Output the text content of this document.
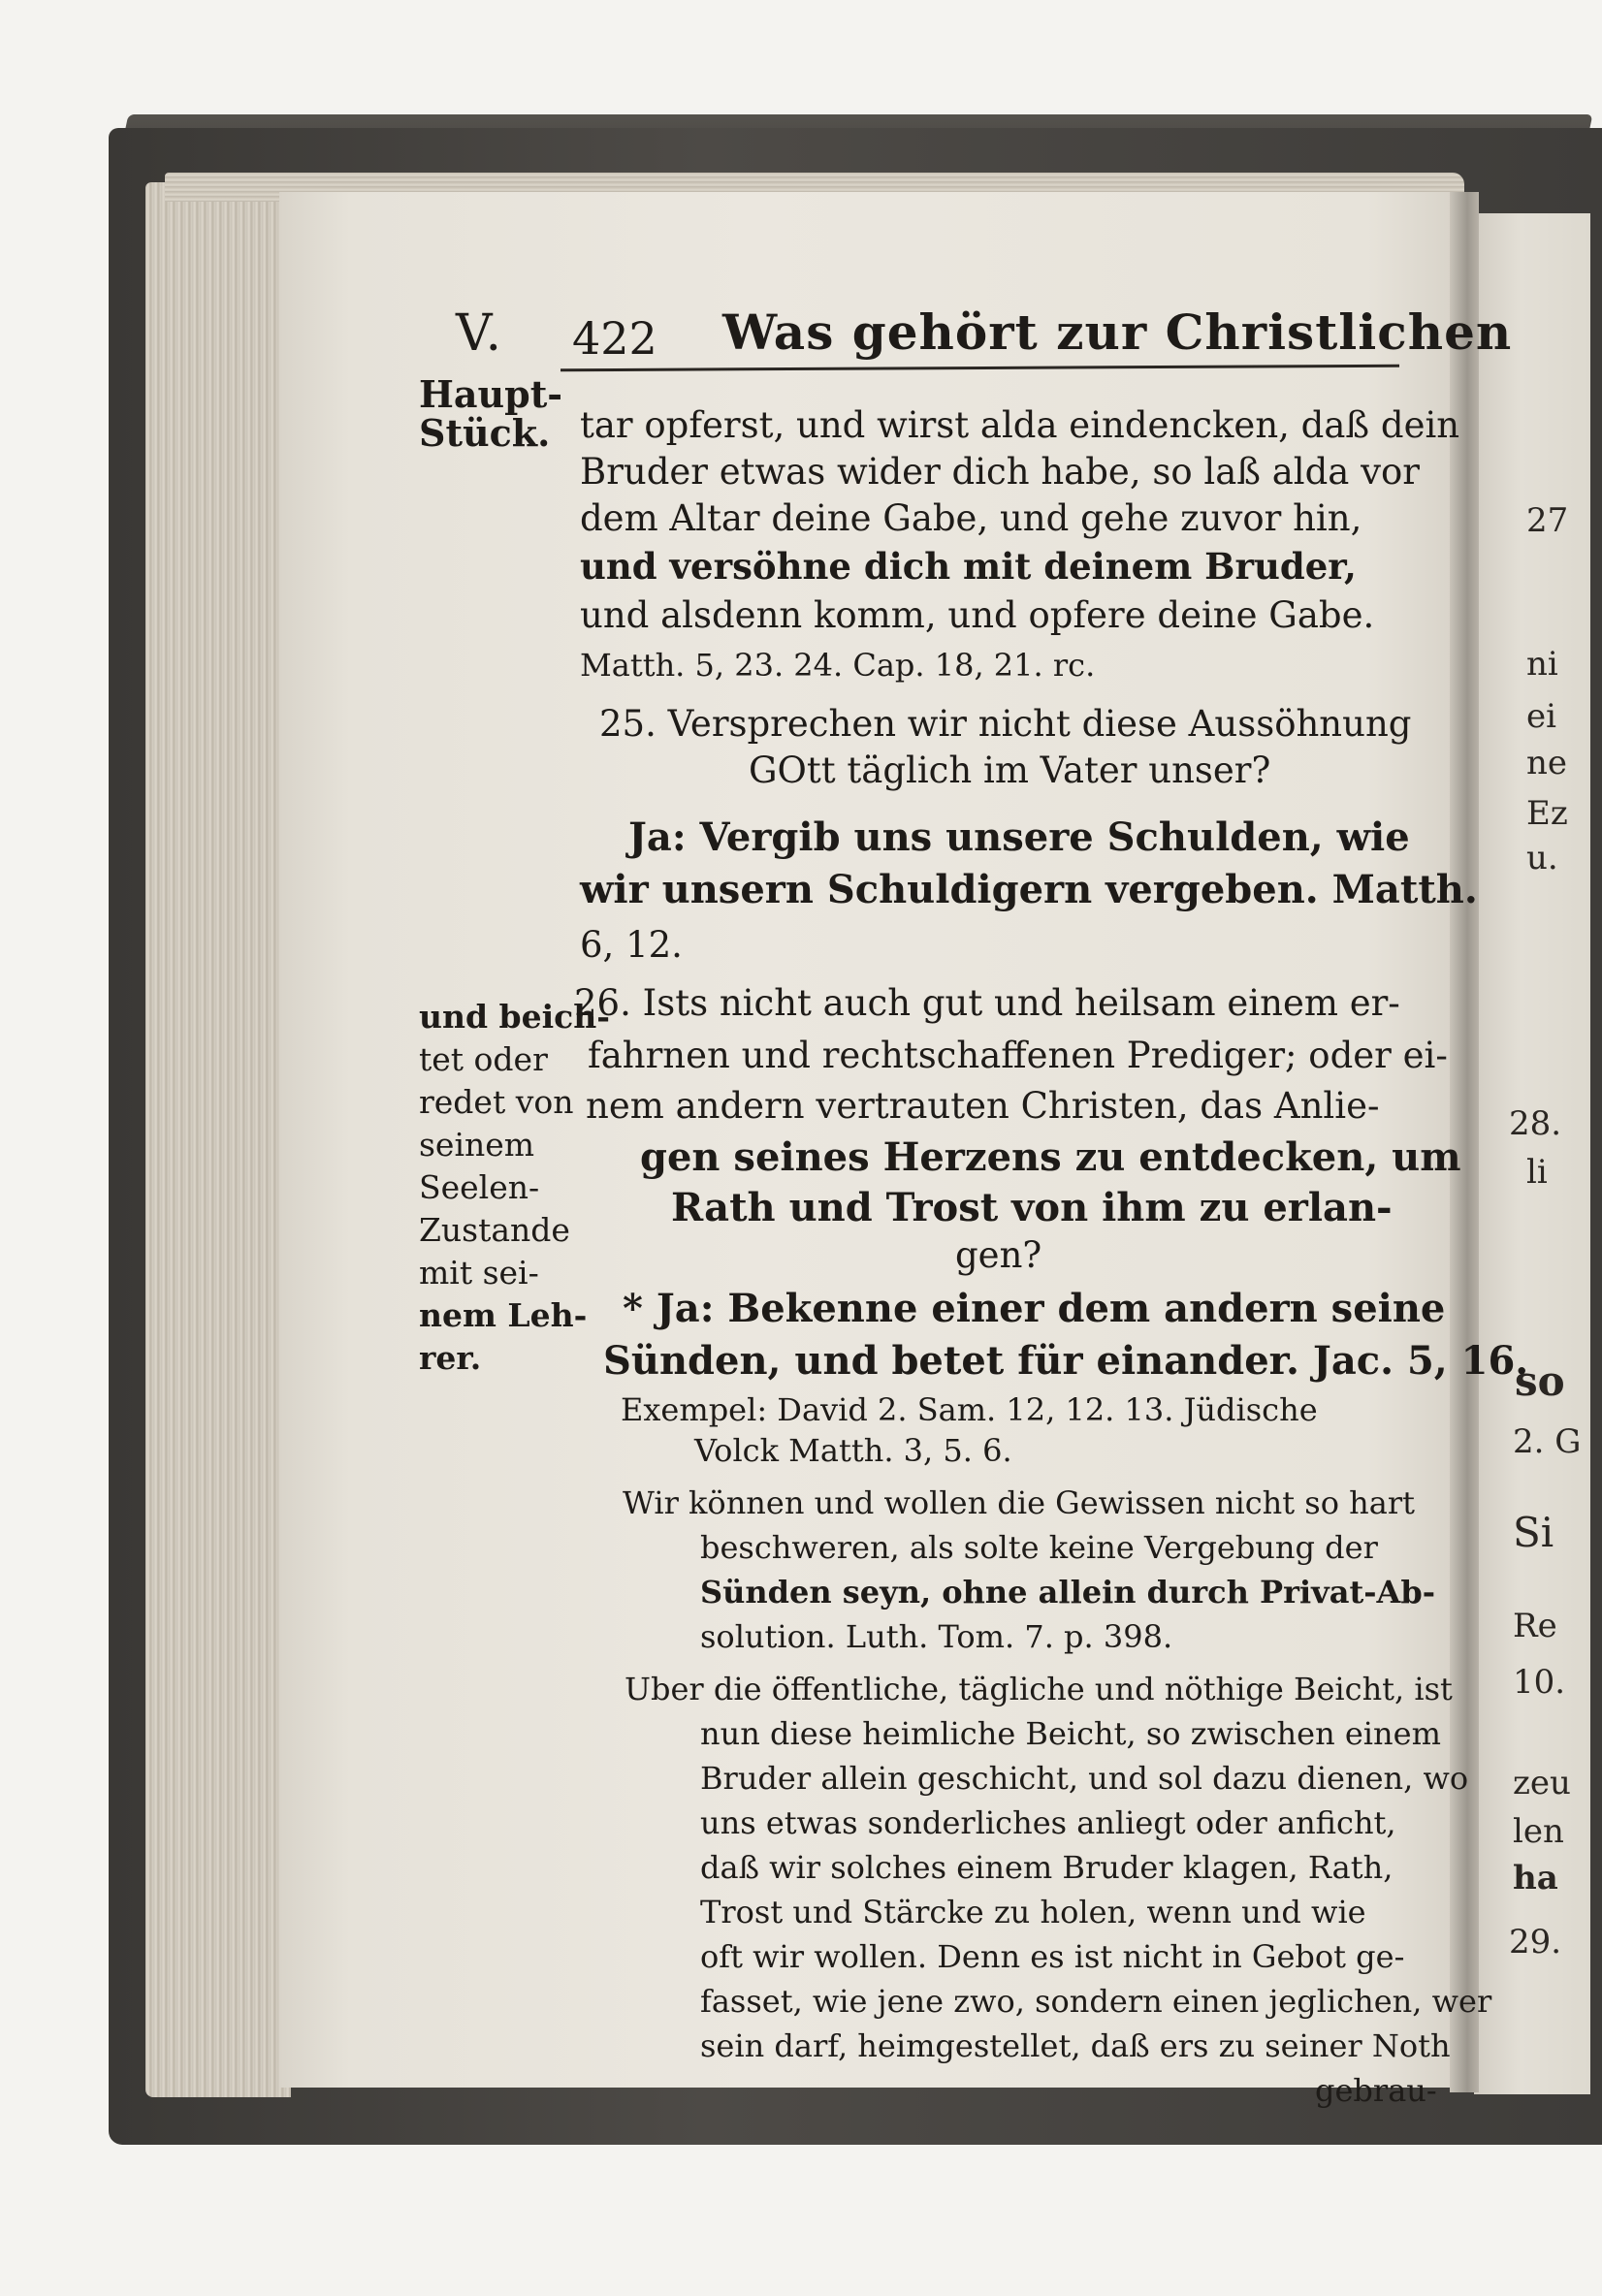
V. 422 Was gehört zur Christlichen
Haupt-
Stück. tar opferst, und wirst alda eindencken, daß dein
Bruder etwas wider dich habe, so laß alda vor
dem Altar deine Gabe, und gehe zuvor hin,
und versöhne dich mit deinem Bruder,
und alsdenn komm, und opfere deine Gabe.
Matth. 5, 23. 24. Cap. 18, 21. rc.
25. Versprechen wir nicht diese Aussöhnung
GOtt täglich im Vater unser?
Ja: Vergib uns unsere Schulden, wie
wir unsern Schuldigern vergeben. Matth.
6, 12.
und beich-
tet oder
redet von
seinem
Seelen-
Zustande
mit sei-
nem Leh-
rer.
26. Ists nicht auch gut und heilsam einem er-
fahrnen und rechtschaffenen Prediger; oder ei-
nem andern vertrauten Christen, das Anlie-
gen seines Herzens zu entdecken, um
Rath und Trost von ihm zu erlan-
gen?
* Ja: Bekenne einer dem andern seine
Sünden, und betet für einander. Jac. 5, 16.
Exempel: David 2. Sam. 12, 12. 13. Jüdische
Volck Matth. 3, 5. 6.
Wir können und wollen die Gewissen nicht so hart
beschweren, als solte keine Vergebung der
Sünden seyn, ohne allein durch Privat-Ab-
solution. Luth. Tom. 7. p. 398.
Uber die öffentliche, tägliche und nöthige Beicht, ist
nun diese heimliche Beicht, so zwischen einem
Bruder allein geschicht, und sol dazu dienen, wo
uns etwas sonderliches anliegt oder anficht,
daß wir solches einem Bruder klagen, Rath,
Trost und Stärcke zu holen, wenn und wie
oft wir wollen. Denn es ist nicht in Gebot ge-
fasset, wie jene zwo, sondern einen jeglichen, wer
sein darf, heimgestellet, daß ers zu seiner Noth
gebrau-
27
ni
ei
ne
Ez
u.
28.
li
so
2. G
Si
Re
10.
zeu
len
ha
29.
